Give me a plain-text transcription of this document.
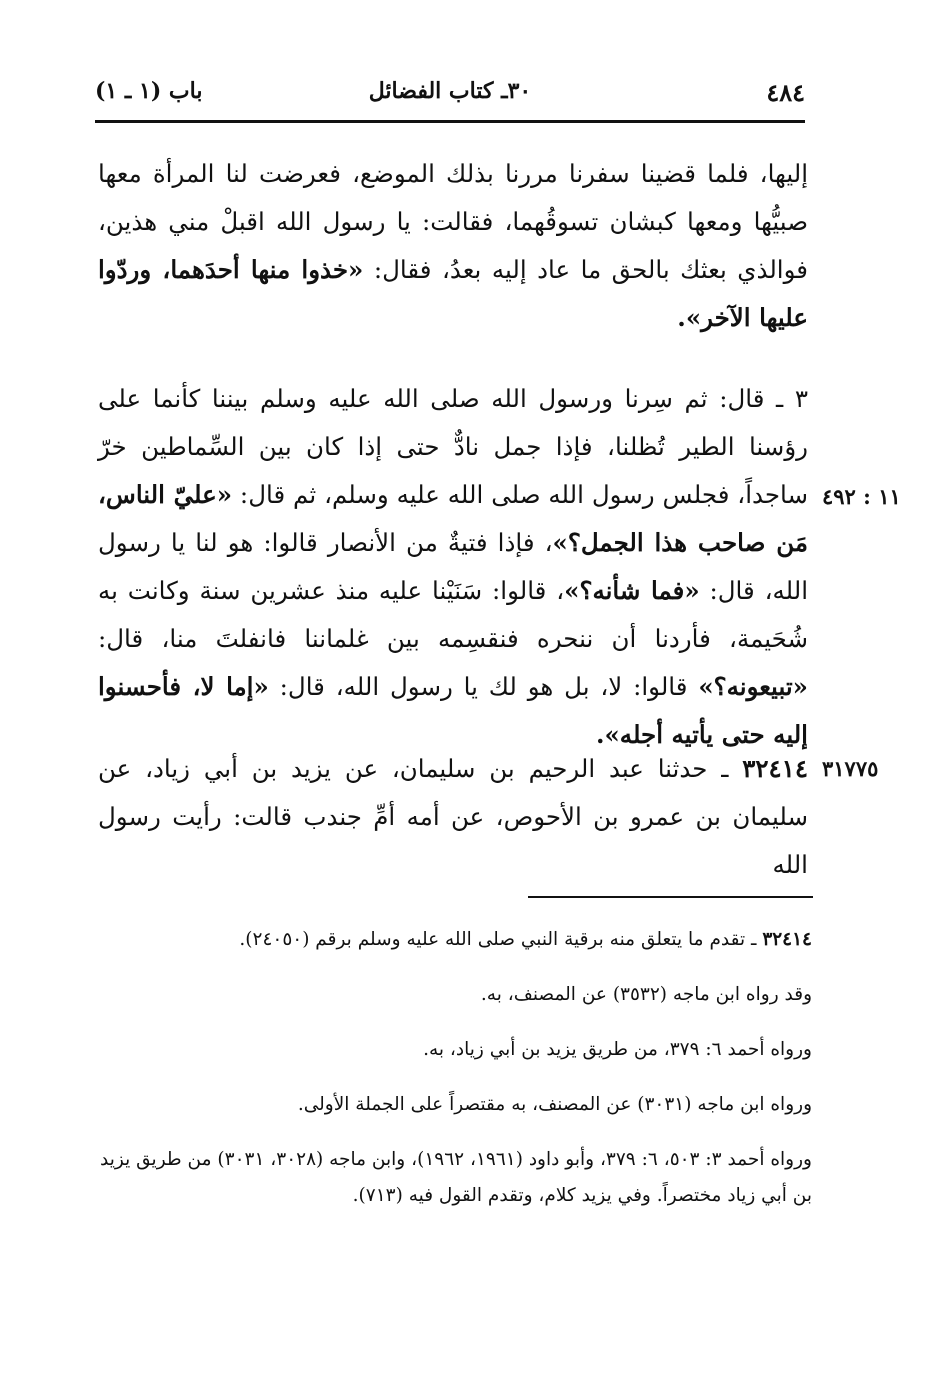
٤٨٤
٣٠ـ كتاب الفضائل
باب (١ ـ ١)

إليها، فلما قضينا سفرنا مررنا بذلك الموضع، فعرضت لنا المرأة معها صبيُّها ومعها كبشان تسوقُهما، فقالت: يا رسول الله اقبلْ مني هذين، فوالذي بعثك بالحق ما عاد إليه بعدُ، فقال: «خذوا منها أحدَهما، وردّوا عليها الآخر».

١١ : ٤٩٢

٣ ـ قال: ثم سِرنا ورسول الله صلى الله عليه وسلم بيننا كأنما على رؤسنا الطير تُظلنا، فإذا جمل نادٌّ حتى إذا كان بين السِّماطين خرّ ساجداً، فجلس رسول الله صلى الله عليه وسلم، ثم قال: «عليّ الناس، مَن صاحب هذا الجمل؟»، فإذا فتيةٌ من الأنصار قالوا: هو لنا يا رسول الله، قال: «فما شأنه؟»، قالوا: سَنَيْنا عليه منذ عشرين سنة وكانت به شُحَيمة، فأردنا أن ننحره فنقسِمه بين غلماننا فانفلتَ منا، قال: «تبيعونه؟» قالوا: لا، بل هو لك يا رسول الله، قال: «إما لا، فأحسنوا إليه حتى يأتيه أجله».

٣١٧٧٥

٣٢٤١٤ ـ حدثنا عبد الرحيم بن سليمان، عن يزيد بن أبي زياد، عن سليمان بن عمرو بن الأحوص، عن أمه أمِّ جندب قالت: رأيت رسول الله

٣٢٤١٤ ـ تقدم ما يتعلق منه برقية النبي صلى الله عليه وسلم برقم (٢٤٠٥٠).

وقد رواه ابن ماجه (٣٥٣٢) عن المصنف، به.

ورواه أحمد ٦: ٣٧٩، من طريق يزيد بن أبي زياد، به.

ورواه ابن ماجه (٣٠٣١) عن المصنف، به مقتصراً على الجملة الأولى.

ورواه أحمد ٣: ٥٠٣، ٦: ٣٧٩، وأبو داود (١٩٦١، ١٩٦٢)، وابن ماجه (٣٠٢٨، ٣٠٣١) من طريق يزيد بن أبي زياد مختصراً. وفي يزيد كلام، وتقدم القول فيه (٧١٣).
